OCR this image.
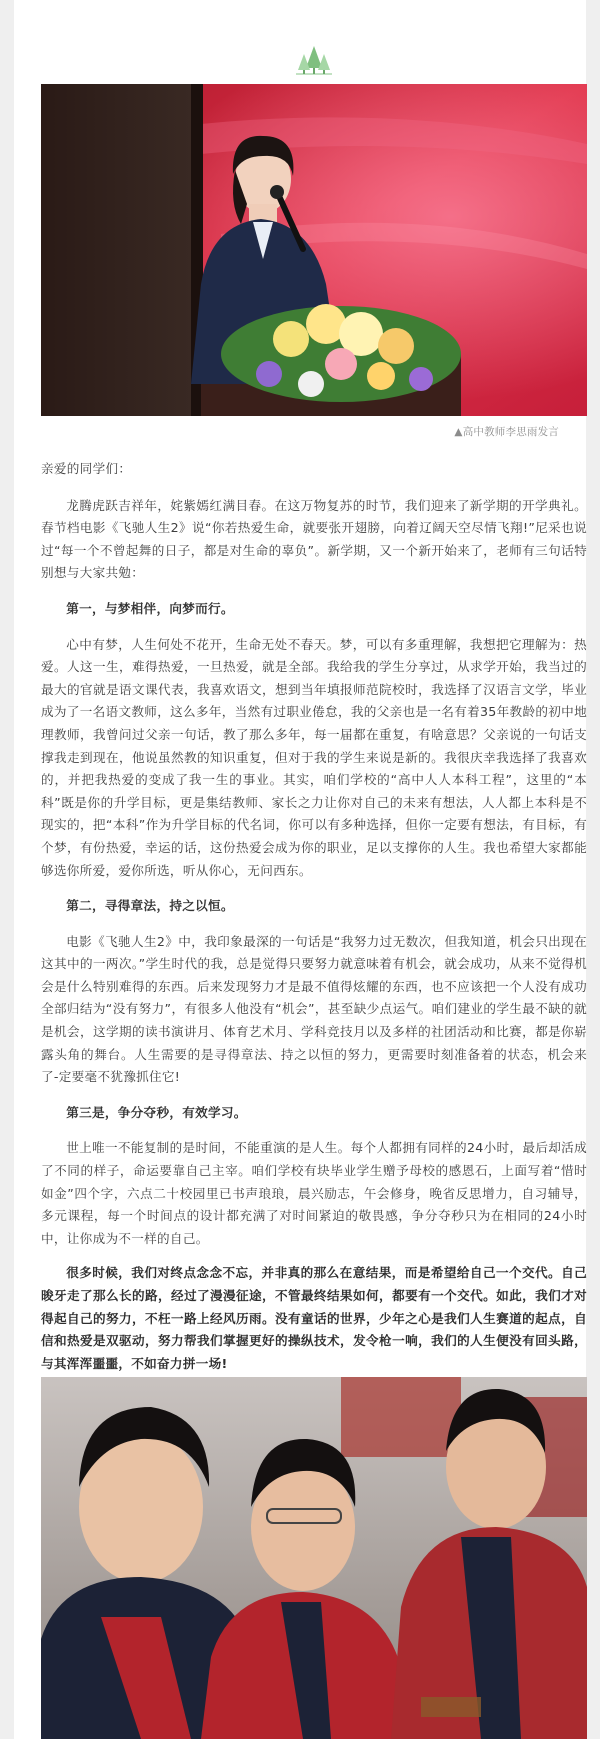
▲高中教师李思雨发言

亲爱的同学们：

龙腾虎跃吉祥年，姹紫嫣红满目春。在这万物复苏的时节，我们迎来了新学期的开学典礼。春节档电影《飞驰人生2》说“你若热爱生命，就要张开翅膀，向着辽阔天空尽情飞翔!”尼采也说过“每一个不曾起舞的日子，都是对生命的辜负”。新学期，又一个新开始来了，老师有三句话特别想与大家共勉：

第一，与梦相伴，向梦而行。

心中有梦，人生何处不花开，生命无处不春天。梦，可以有多重理解，我想把它理解为：热爱。人这一生，难得热爱，一旦热爱，就是全部。我给我的学生分享过，从求学开始，我当过的最大的官就是语文课代表，我喜欢语文，想到当年填报师范院校时，我选择了汉语言文学，毕业成为了一名语文教师，这么多年，当然有过职业倦怠，我的父亲也是一名有着35年教龄的初中地理教师，我曾问过父亲一句话，教了那么多年，每一届都在重复，有啥意思？父亲说的一句话支撑我走到现在，他说虽然教的知识重复，但对于我的学生来说是新的。我很庆幸我选择了我喜欢的，并把我热爱的变成了我一生的事业。其实，咱们学校的“高中人人本科工程”，这里的“本科”既是你的升学目标，更是集结教师、家长之力让你对自己的未来有想法，人人都上本科是不现实的，把“本科”作为升学目标的代名词，你可以有多种选择，但你一定要有想法，有目标，有个梦，有份热爱，幸运的话，这份热爱会成为你的职业，足以支撑你的人生。我也希望大家都能够选你所爱，爱你所选，听从你心，无问西东。

第二，寻得章法，持之以恒。

电影《飞驰人生2》中，我印象最深的一句话是“我努力过无数次，但我知道，机会只出现在这其中的一两次。”学生时代的我，总是觉得只要努力就意味着有机会，就会成功，从来不觉得机会是什么特别难得的东西。后来发现努力才是最不值得炫耀的东西，也不应该把一个人没有成功全部归结为“没有努力”，有很多人他没有“机会”，甚至缺少点运气。咱们建业的学生最不缺的就是机会，这学期的读书演讲月、体育艺术月、学科竞技月以及多样的社团活动和比赛，都是你崭露头角的舞台。人生需要的是寻得章法、持之以恒的努力，更需要时刻准备着的状态，机会来了-定要毫不犹豫抓住它!

第三是，争分夺秒，有效学习。

世上唯一不能复制的是时间，不能重演的是人生。每个人都拥有同样的24小时，最后却活成了不同的样子，命运要靠自己主宰。咱们学校有块毕业学生赠予母校的感恩石，上面写着“惜时如金”四个字，六点二十校园里已书声琅琅，晨兴励志，午会修身，晚省反思增力，自习辅导，多元课程，每一个时间点的设计都充满了对时间紧迫的敬畏感，争分夺秒只为在相同的24小时中，让你成为不一样的自己。

很多时候，我们对终点念念不忘，并非真的那么在意结果，而是希望给自己一个交代。自己晙牙走了那么长的路，经过了漫漫征途，不管最终结果如何，都要有一个交代。如此，我们才对得起自己的努力，不枉一路上经风历雨。没有童话的世界，少年之心是我们人生赛道的起点，自信和热爱是双驱动，努力帮我们掌握更好的操纵技术，发令枪一响，我们的人生便没有回头路，与其浑浑噩噩，不如奋力拼一场!
